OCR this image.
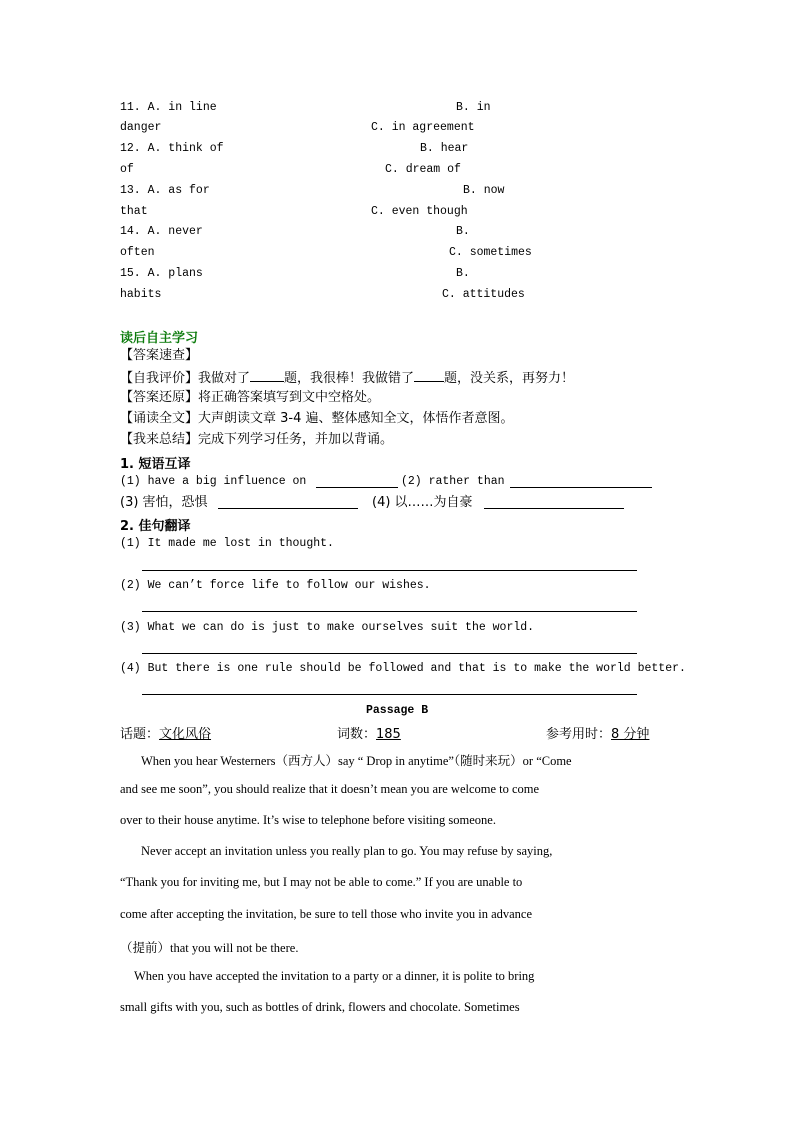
11. A. in line	B. in
danger	C. in agreement
12. A. think of	B. hear
of	C. dream of
13. A. as for	B. now
that	C. even though
14. A. never	B.
often	C. sometimes
15. A. plans	B.
habits	C. attitudes
读后自主学习
【答案速查】
【自我评价】我做对了	题，我很棒！我做错了 题，没关系，再努力！
【答案还原】将正确答案填写到文中空格处。
【诵读全文】大声朗读文章 3-4 遍、整体感知全文，体悟作者意图。
【我来总结】完成下列学习任务，并加以背诵。
1. 短语互译
(1) have a big influence on	(2) rather than
(3) 害怕，恐惧	(4) 以……为自豪
2. 佳句翻译
(1) It made me lost in thought.
(2) We can’t force life to follow our wishes.
(3) What we can do is just to make ourselves suit the world.
(4) But there is one rule should be followed and that is to make the world better.
Passage B
话题：文化风俗	词数：185	参考用时：8 分钟
When you hear Westerners（西方人）say “ Drop in anytime”（随时来玩）or “Come
and see me soon”, you should realize that it doesn’t mean you are welcome to come
over to their house anytime. It’s wise to telephone before visiting someone.
Never accept an invitation unless you really plan to go. You may refuse by saying,
“Thank you for inviting me, but I may not be able to come.” If you are unable to
come after accepting the invitation, be sure to tell those who invite you in advance
（提前）that you will not be there.
When you have accepted the invitation to a party or a dinner, it is polite to bring
small gifts with you, such as bottles of drink, flowers and chocolate. Sometimes
